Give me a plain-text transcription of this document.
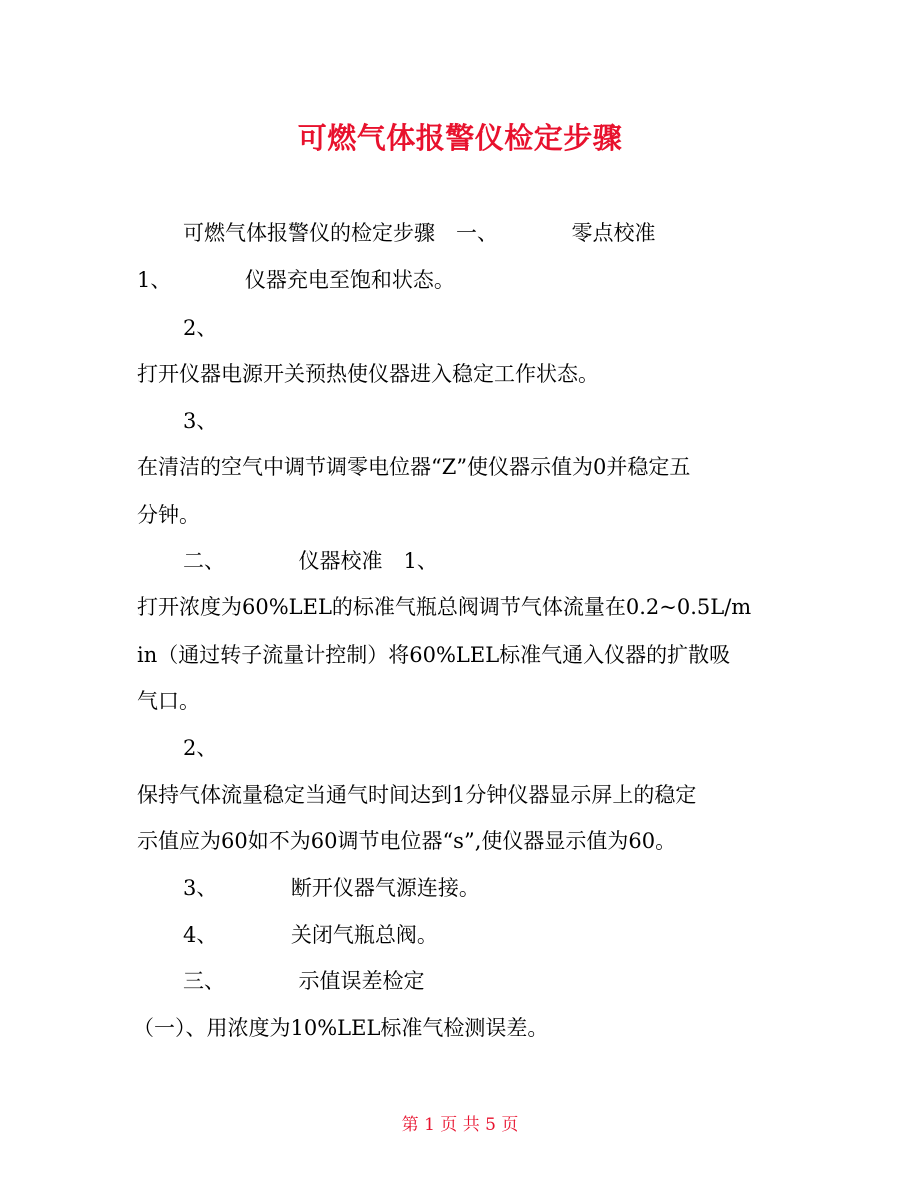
可燃气体报警仪检定步骤
可燃气体报警仪的检定步骤　一、　　　　零点校准
1、　　　　仪器充电至饱和状态。
2、
打开仪器电源开关预热使仪器进入稳定工作状态。
3、
在清洁的空气中调节调零电位器“Z”使仪器示值为0并稳定五
分钟。
二、　　　　仪器校准　1、
打开浓度为60%LEL的标准气瓶总阀调节气体流量在0.2~0.5L/m
in（通过转子流量计控制）将60%LEL标准气通入仪器的扩散吸
气口。
2、
保持气体流量稳定当通气时间达到1分钟仪器显示屏上的稳定
示值应为60如不为60调节电位器“s”,使仪器显示值为60。
3、　　　　断开仪器气源连接。
4、　　　　关闭气瓶总阀。
三、　　　　示值误差检定
（一）、用浓度为10%LEL标准气检测误差。
第 1 页 共 5 页
